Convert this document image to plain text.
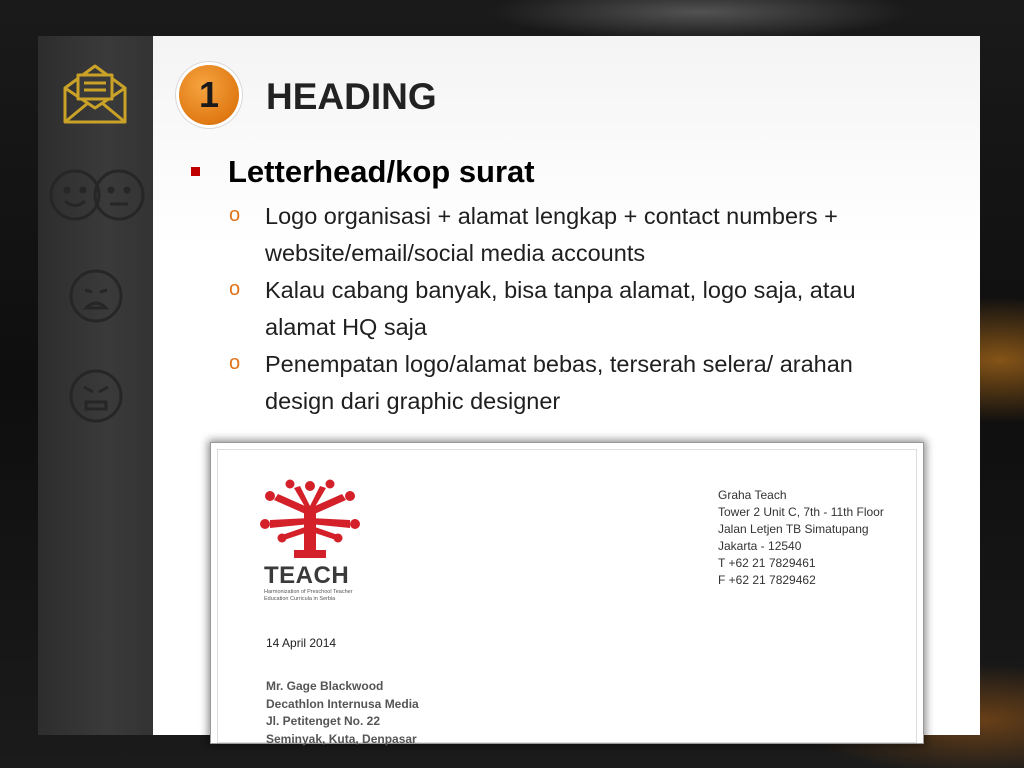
1	HEADING
Letterhead/kop surat
o Logo organisasi + alamat lengkap + contact numbers + website/email/social media accounts
o Kalau cabang banyak, bisa tanpa alamat, logo saja, atau alamat HQ saja
o Penempatan logo/alamat bebas, terserah selera/ arahan design dari graphic designer
TEACH
Harmonization of Preschool Teacher Education Curricula in Serbia
Graha Teach
Tower 2 Unit C, 7th - 11th Floor
Jalan Letjen TB Simatupang
Jakarta - 12540
T +62 21 7829461
F +62 21 7829462
14 April 2014
Mr. Gage Blackwood
Decathlon Internusa Media
Jl. Petitenget No. 22
Seminyak, Kuta, Denpasar
